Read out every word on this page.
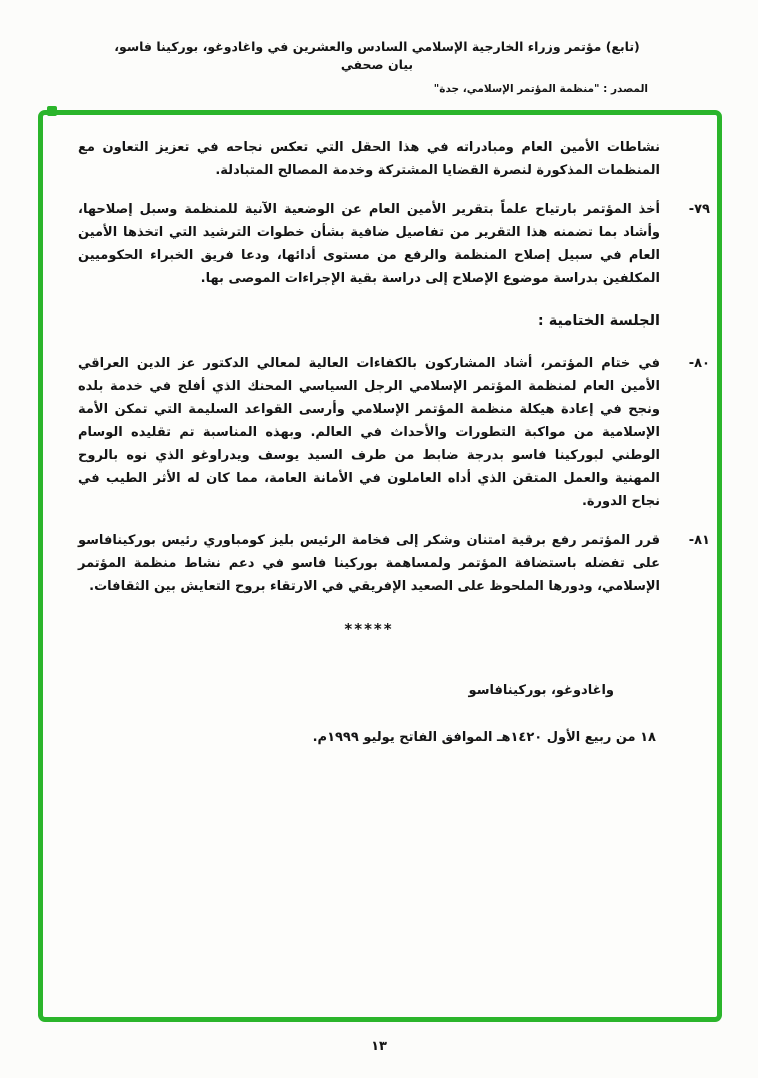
(تابع) مؤتمر وزراء الخارجية الإسلامي السادس والعشرين في واغادوغو، بوركينا فاسو، بيان صحفي
المصدر : "منظمة المؤتمر الإسلامي، جدة"

نشاطات الأمين العام ومبادراته في هذا الحقل التي تعكس نجاحه في تعزيز التعاون مع المنظمات المذكورة لنصرة القضايا المشتركة وخدمة المصالح المتبادلة.

٧٩-
أخذ المؤتمر بارتياح علماً بتقرير الأمين العام عن الوضعية الآنية للمنظمة وسبل إصلاحها، وأشاد بما تضمنه هذا التقرير من تفاصيل ضافية بشأن خطوات الترشيد التي اتخذها الأمين العام في سبيل إصلاح المنظمة والرفع من مستوى أدائها، ودعا فريق الخبراء الحكوميين المكلفين بدراسة موضوع الإصلاح إلى دراسة بقية الإجراءات الموصى بها.
الجلسة الختامية :
٨٠-
في ختام المؤتمر، أشاد المشاركون بالكفاءات العالية لمعالي الدكتور عز الدين العراقي الأمين العام لمنظمة المؤتمر الإسلامي الرجل السياسي المحنك الذي أفلح في خدمة بلده ونجح في إعادة هيكلة منظمة المؤتمر الإسلامي وأرسى القواعد السليمة التي تمكن الأمة الإسلامية من مواكبة التطورات والأحداث في العالم. وبهذه المناسبة تم تقليده الوسام الوطني لبوركينا فاسو بدرجة ضابط من طرف السيد يوسف ويدراوغو الذي نوه بالروح المهنية والعمل المتقن الذي أداه العاملون في الأمانة العامة، مما كان له الأثر الطيب في نجاح الدورة.
٨١-
قرر المؤتمر رفع برقية امتنان وشكر إلى فخامة الرئيس بليز كومباوري رئيس بوركينافاسو على تفضله باستضافة المؤتمر ولمساهمة بوركينا فاسو في دعم نشاط منظمة المؤتمر الإسلامي، ودورها الملحوظ على الصعيد الإفريقي في الارتقاء بروح التعايش بين الثقافات.
*****
واغادوغو، بوركينافاسو
١٨ من ربيع الأول ١٤٢٠هـ الموافق الفاتح يوليو ١٩٩٩م.
١٣
